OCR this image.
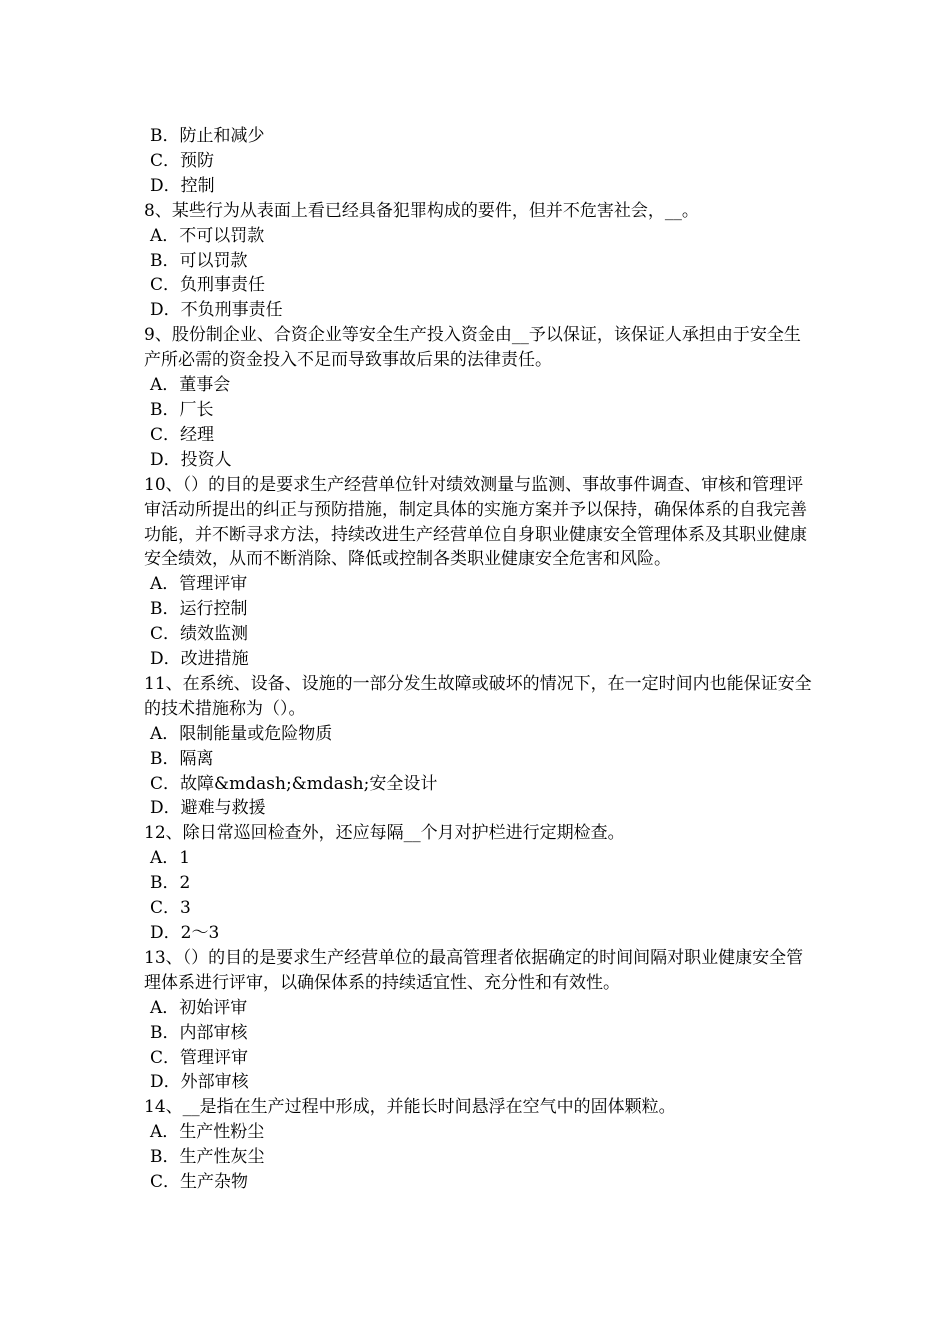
B．防止和减少

C．预防

D．控制

8、某些行为从表面上看已经具备犯罪构成的要件，但并不危害社会，__。

A．不可以罚款

B．可以罚款

C．负刑事责任

D．不负刑事责任

9、股份制企业、合资企业等安全生产投入资金由__予以保证，该保证人承担由于安全生产所必需的资金投入不足而导致事故后果的法律责任。

A．董事会

B．厂长

C．经理

D．投资人

10、（）的目的是要求生产经营单位针对绩效测量与监测、事故事件调查、审核和管理评审活动所提出的纠正与预防措施，制定具体的实施方案并予以保持，确保体系的自我完善功能，并不断寻求方法，持续改进生产经营单位自身职业健康安全管理体系及其职业健康安全绩效，从而不断消除、降低或控制各类职业健康安全危害和风险。

A．管理评审

B．运行控制

C．绩效监测

D．改进措施

11、在系统、设备、设施的一部分发生故障或破坏的情况下，在一定时间内也能保证安全的技术措施称为（）。

A．限制能量或危险物质

B．隔离

C．故障&mdash;&mdash;安全设计

D．避难与救援

12、除日常巡回检查外，还应每隔__个月对护栏进行定期检查。

A．1

B．2

C．3

D．2～3

13、（）的目的是要求生产经营单位的最高管理者依据确定的时间间隔对职业健康安全管理体系进行评审，以确保体系的持续适宜性、充分性和有效性。

A．初始评审

B．内部审核

C．管理评审

D．外部审核

14、__是指在生产过程中形成，并能长时间悬浮在空气中的固体颗粒。

A．生产性粉尘

B．生产性灰尘

C．生产杂物
